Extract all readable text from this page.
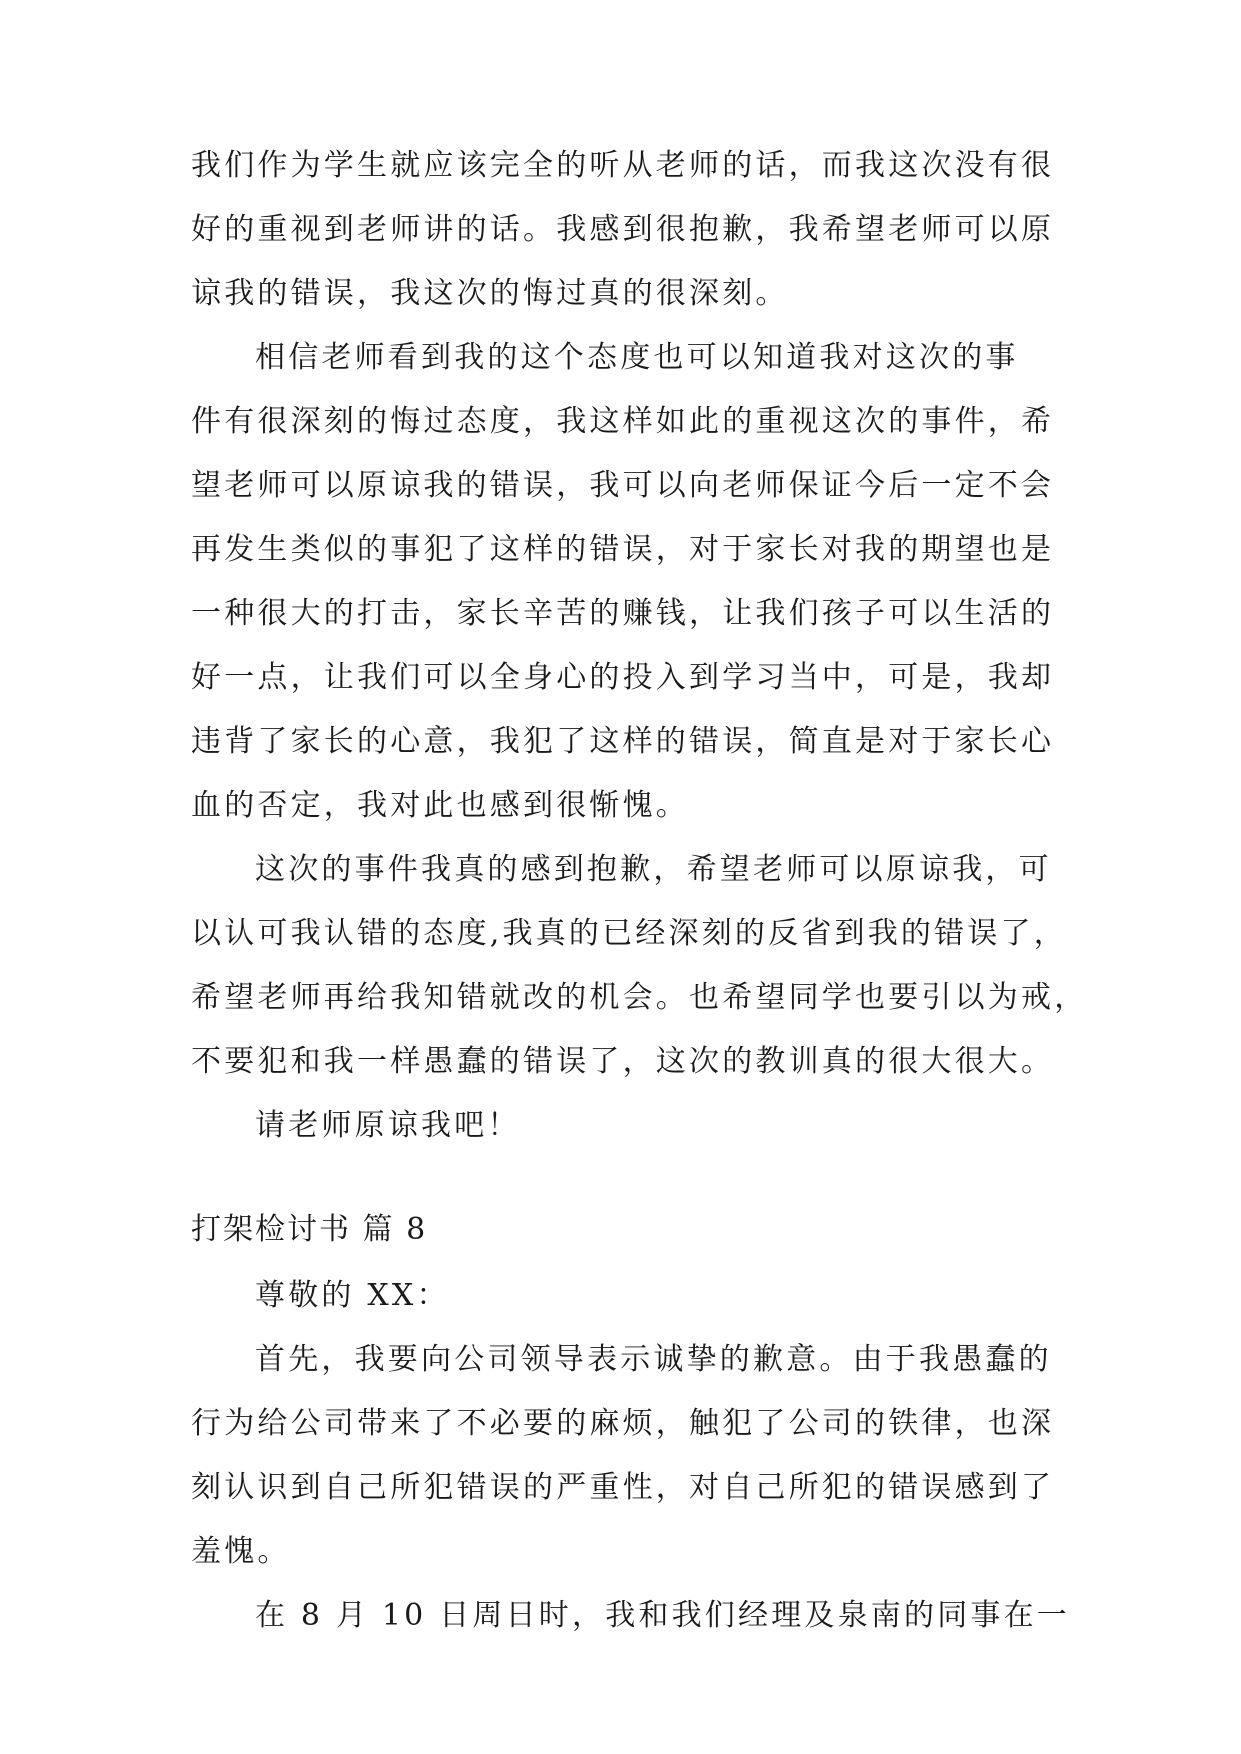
我们作为学生就应该完全的听从老师的话，而我这次没有很
好的重视到老师讲的话。我感到很抱歉，我希望老师可以原
谅我的错误，我这次的悔过真的很深刻。
相信老师看到我的这个态度也可以知道我对这次的事
件有很深刻的悔过态度，我这样如此的重视这次的事件，希
望老师可以原谅我的错误，我可以向老师保证今后一定不会
再发生类似的事犯了这样的错误，对于家长对我的期望也是
一种很大的打击，家长辛苦的赚钱，让我们孩子可以生活的
好一点，让我们可以全身心的投入到学习当中，可是，我却
违背了家长的心意，我犯了这样的错误，简直是对于家长心
血的否定，我对此也感到很惭愧。
这次的事件我真的感到抱歉，希望老师可以原谅我，可
以认可我认错的态度,我真的已经深刻的反省到我的错误了，
希望老师再给我知错就改的机会。也希望同学也要引以为戒，
不要犯和我一样愚蠢的错误了，这次的教训真的很大很大。
请老师原谅我吧！
打架检讨书 篇 8
尊敬的 XX：
首先，我要向公司领导表示诚挚的歉意。由于我愚蠢的
行为给公司带来了不必要的麻烦，触犯了公司的铁律，也深
刻认识到自己所犯错误的严重性，对自己所犯的错误感到了
羞愧。
在 8 月 10 日周日时，我和我们经理及泉南的同事在一
